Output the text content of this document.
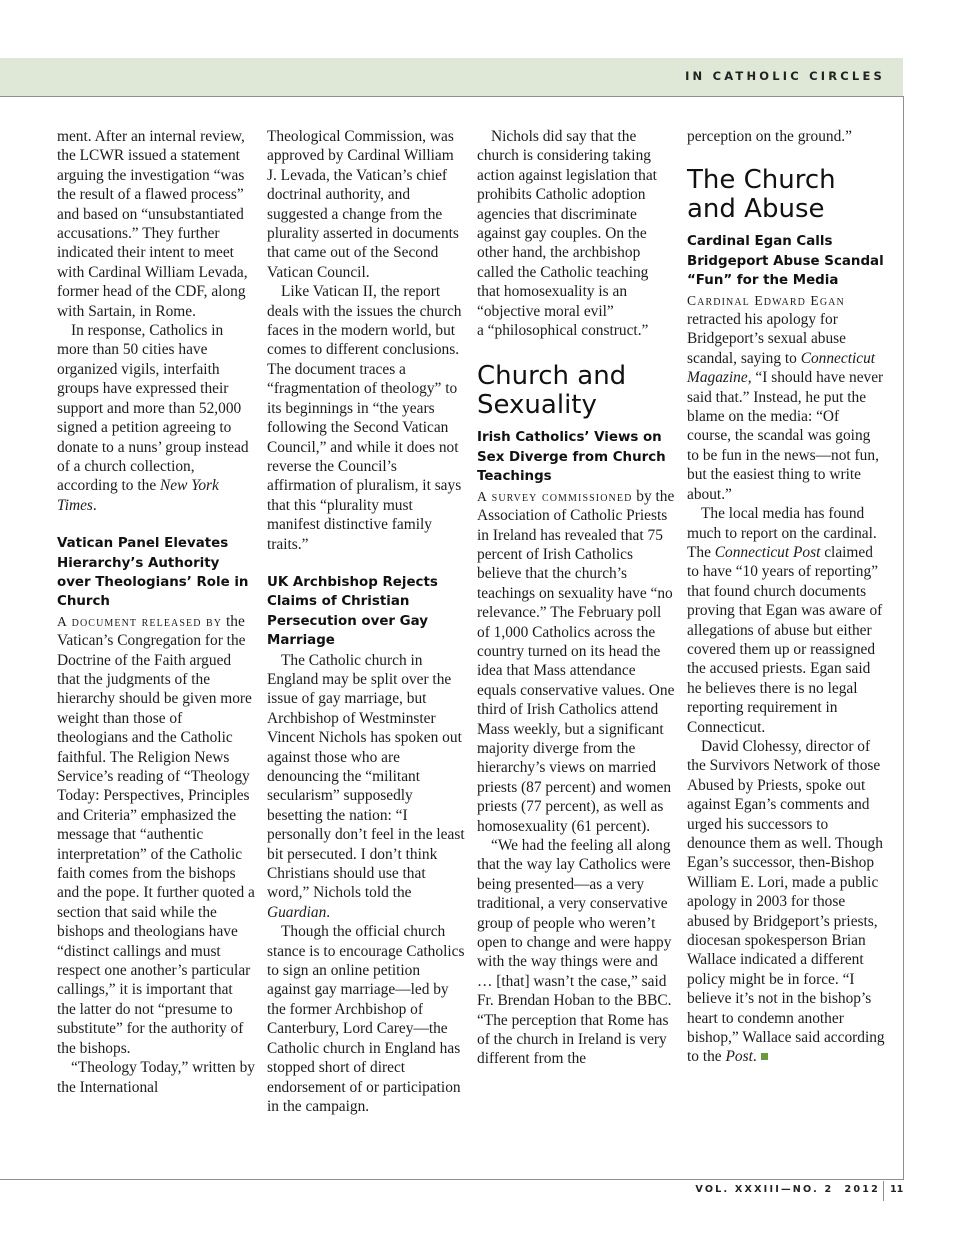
IN CATHOLIC CIRCLES

ment. After an internal review, the LCWR issued a statement arguing the investigation “was the result of a flawed process” and based on “unsubstantiated accusations.” They further indicated their intent to meet with Cardinal William Levada, former head of the CDF, along with Sartain, in Rome.

In response, Catholics in more than 50 cities have organized vigils, interfaith groups have expressed their support and more than 52,000 signed a petition agreeing to donate to a nuns’ group instead of a church collection, according to the New York Times.

Vatican Panel Elevates Hierarchy’s Authority over Theologians’ Role in Church

A document released by the Vatican’s Congregation for the Doctrine of the Faith argued that the judgments of the hierarchy should be given more weight than those of theologians and the Catholic faithful. The Religion News Service’s reading of “Theology Today: Perspectives, Principles and Criteria” emphasized the message that “authentic interpretation” of the Catholic faith comes from the bishops and the pope. It further quoted a section that said while the bishops and theologians have “distinct callings and must respect one another’s particular callings,” it is important that the latter do not “presume to substitute” for the authority of the bishops.

“Theology Today,” written by the International

Theological Commission, was approved by Cardinal William J. Levada, the Vatican’s chief doctrinal authority, and suggested a change from the plurality asserted in documents that came out of the Second Vatican Council.

Like Vatican II, the report deals with the issues the church faces in the modern world, but comes to different conclusions. The document traces a “fragmentation of theology” to its beginnings in “the years following the Second Vatican Council,” and while it does not reverse the Council’s affirmation of pluralism, it says that this “plurality must manifest distinctive family traits.”

UK Archbishop Rejects Claims of Christian Persecution over Gay Marriage

The Catholic church in England may be split over the issue of gay marriage, but Archbishop of Westminster Vincent Nichols has spoken out against those who are denouncing the “militant secularism” supposedly besetting the nation: “I personally don’t feel in the least bit persecuted. I don’t think Christians should use that word,” Nichols told the Guardian.

Though the official church stance is to encourage Catholics to sign an online petition against gay marriage—led by the former Archbishop of Canterbury, Lord Carey—the Catholic church in England has stopped short of direct endorsement of or participation in the campaign.

Nichols did say that the church is considering taking action against legislation that prohibits Catholic adoption agencies that discriminate against gay couples. On the other hand, the archbishop called the Catholic teaching that homosexuality is an “objective moral evil”

a “philosophical construct.”

Church and Sexuality
Irish Catholics’ Views on Sex Diverge from Church Teachings

A survey commissioned by the Association of Catholic Priests in Ireland has revealed that 75 percent of Irish Catholics believe that the church’s teachings on sexuality have “no relevance.” The February poll of 1,000 Catholics across the country turned on its head the idea that Mass attendance equals conservative values. One third of Irish Catholics attend Mass weekly, but a significant majority diverge from the hierarchy’s views on married priests (87 percent) and women priests (77 percent), as well as homosexuality (61 percent).

“We had the feeling all along that the way lay Catholics were being presented—as a very traditional, a very conservative group of people who weren’t open to change and were happy with the way things were and … [that] wasn’t the case,” said Fr. Brendan Hoban to the BBC. “The perception that Rome has of the church in Ireland is very different from the

perception on the ground.”

The Church and Abuse
Cardinal Egan Calls Bridgeport Abuse Scandal “Fun” for the Media

Cardinal Edward Egan retracted his apology for Bridgeport’s sexual abuse scandal, saying to Connecticut Magazine, “I should have never said that.” Instead, he put the blame on the media: “Of course, the scandal was going to be fun in the news—not fun, but the easiest thing to write about.”

The local media has found much to report on the cardinal. The Connecticut Post claimed to have “10 years of reporting” that found church documents proving that Egan was aware of allegations of abuse but either covered them up or reassigned the accused priests. Egan said he believes there is no legal reporting requirement in Connecticut.

David Clohessy, director of the Survivors Network of those Abused by Priests, spoke out against Egan’s comments and urged his successors to denounce them as well. Though Egan’s successor, then-Bishop William E. Lori, made a public apology in 2003 for those abused by Bridgeport’s priests, diocesan spokesperson Brian Wallace indicated a different policy might be in force. “I believe it’s not in the bishop’s heart to condemn another bishop,” Wallace said according to the Post.

VOL. XXXIII—NO. 2  2012 11
